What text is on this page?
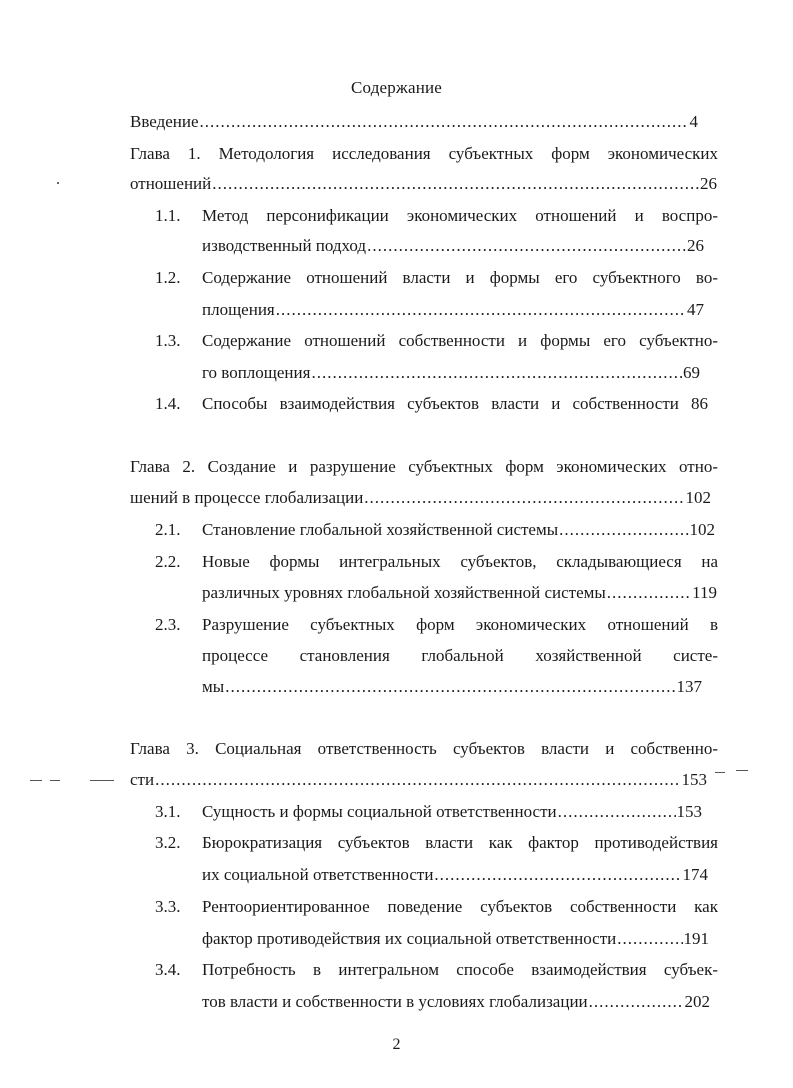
Содержание
Введение .....	4
Глава 1. Методология исследования субъектных форм экономических
отношений .....	26
1.1. Метод персонификации экономических отношений и воспро-
изводственный подход .....	26
1.2. Содержание отношений власти и формы его субъектного во-
площения .....	47
1.3. Содержание отношений собственности и формы его субъектно-
го воплощения .....	69
1.4. Способы взаимодействия субъектов власти и собственности 86
Глава 2. Создание и разрушение субъектных форм экономических отно-
шений в процессе глобализации .....	102
2.1. Становление глобальной хозяйственной системы .....	102
2.2. Новые формы интегральных субъектов, складывающиеся на
различных уровнях глобальной хозяйственной системы .....	119
2.3. Разрушение субъектных форм экономических отношений в
процессе становления глобальной хозяйственной систе-
мы .....	137
Глава 3. Социальная ответственность субъектов власти и собственно-
сти .....	153
3.1. Сущность и формы социальной ответственности .....	153
3.2. Бюрократизация субъектов власти как фактор противодействия
их социальной ответственности .....	174
3.3. Рентоориентированное поведение субъектов собственности как
фактор противодействия их социальной ответственности .....	191
3.4. Потребность в интегральном способе взаимодействия субъек-
тов власти и собственности в условиях глобализации .....	202
2
